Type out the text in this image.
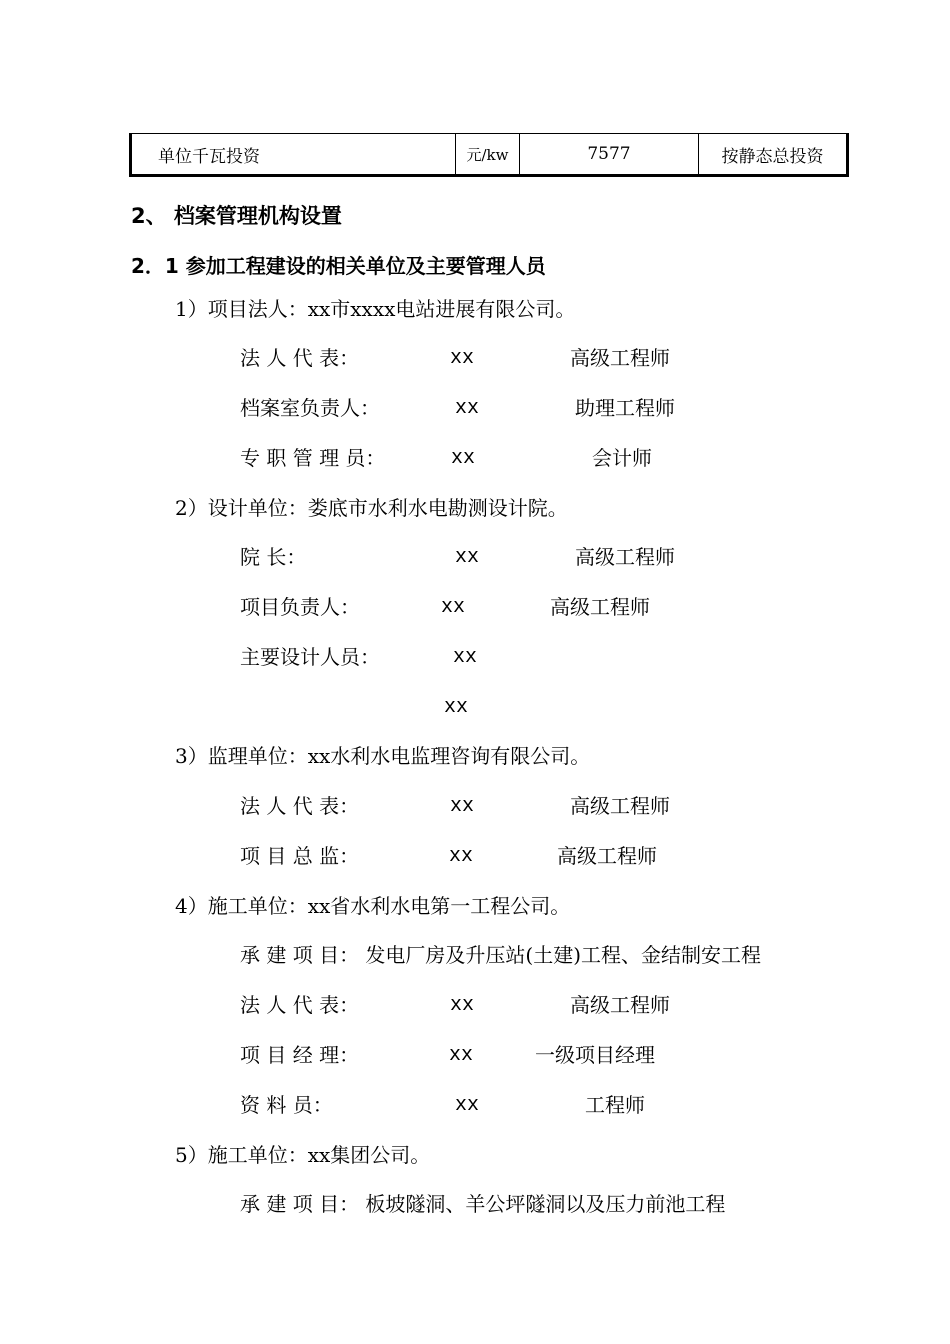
单位千瓦投资	元/kw	7577	按静态总投资
2、 档案管理机构设置
2．1 参加工程建设的相关单位及主要管理人员
1）项目法人：xx市xxxx电站进展有限公司。
法 人 代 表：	xx	高级工程师
档案室负责人：	xx	助理工程师
专 职 管 理 员：	xx	会计师
2）设计单位：娄底市水利水电勘测设计院。
院 长：	xx	高级工程师
项目负责人：	xx	高级工程师
主要设计人员：	xx
xx
3）监理单位：xx水利水电监理咨询有限公司。
法 人 代 表：	xx	高级工程师
项 目 总 监：	xx	高级工程师
4）施工单位：xx省水利水电第一工程公司。
承 建 项 目： 发电厂房及升压站(土建)工程、金结制安工程
法 人 代 表：	xx	高级工程师
项 目 经 理：	xx	一级项目经理
资 料 员：	xx	工程师
5）施工单位：xx集团公司。
承 建 项 目： 板坡隧洞、羊公坪隧洞以及压力前池工程
